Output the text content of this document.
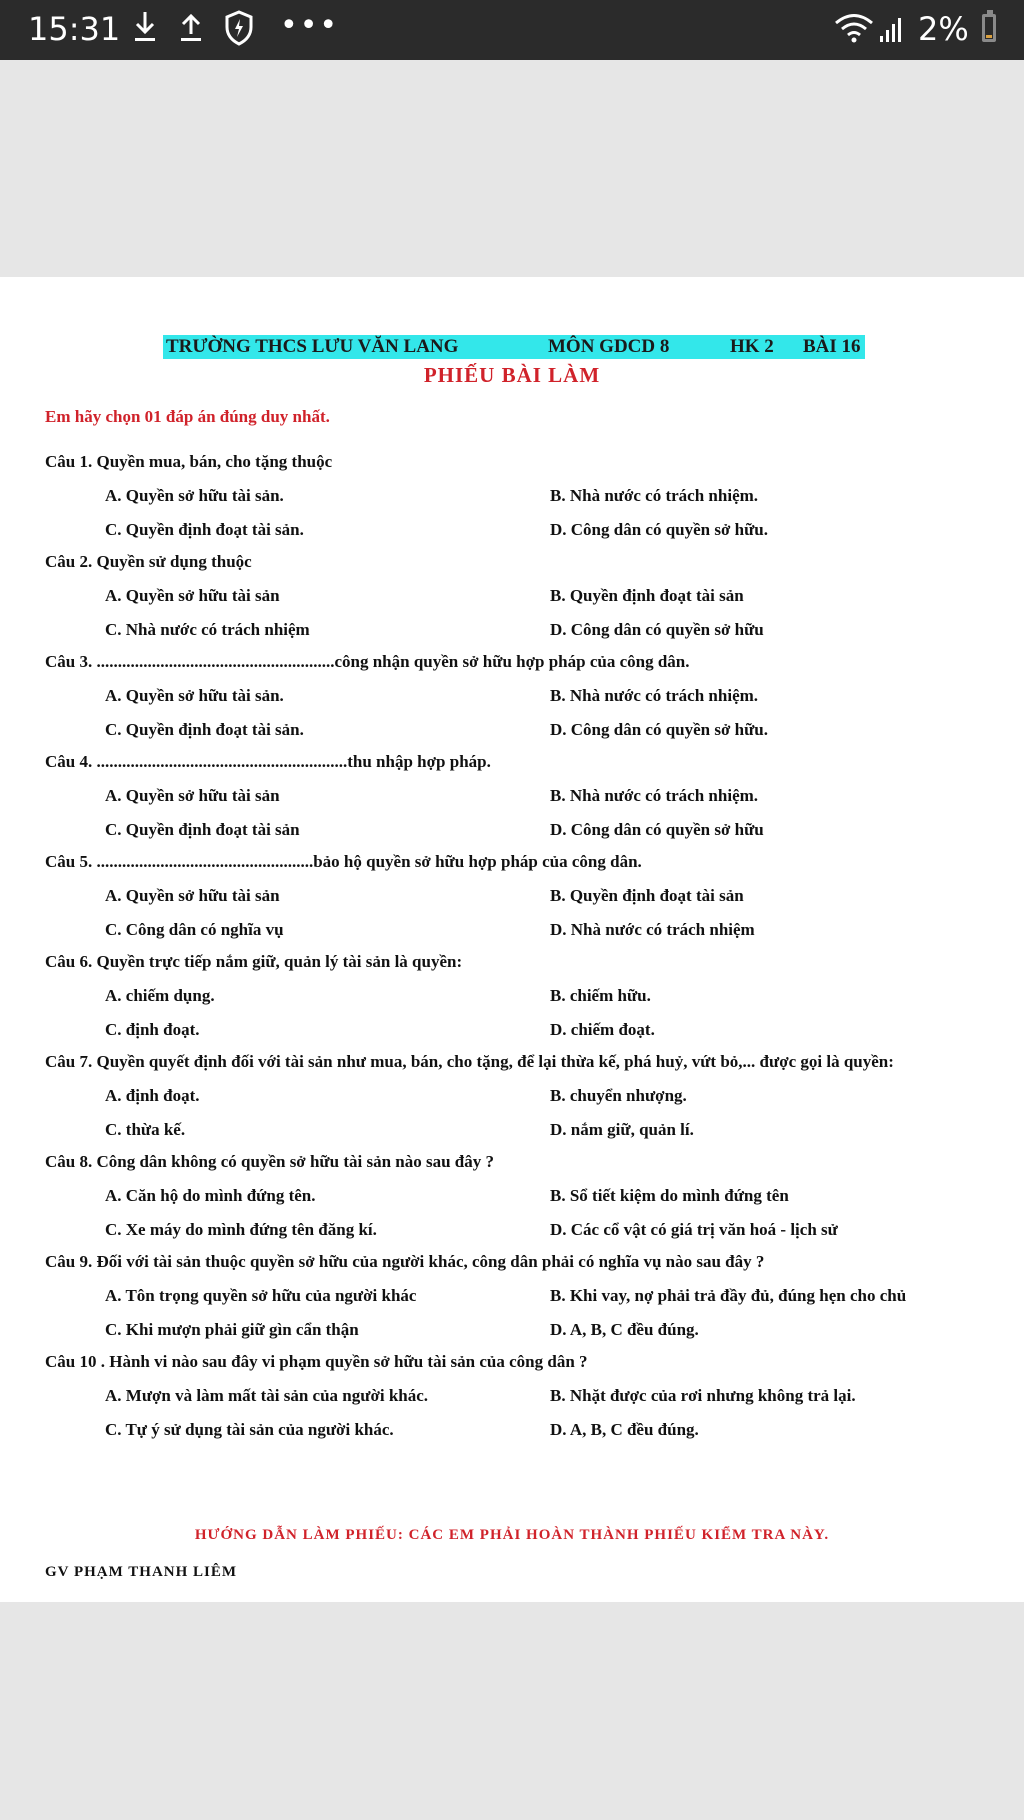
15:31	•••	2%
TRƯỜNG THCS LƯU VĂN LANG	MÔN GDCD 8	HK 2 BÀI 16
PHIẾU BÀI LÀM
Em hãy chọn 01 đáp án đúng duy nhất.
Câu 1. Quyền mua, bán, cho tặng thuộc
A. Quyền sở hữu tài sản.	B. Nhà nước có trách nhiệm.
C. Quyền định đoạt tài sản.	D. Công dân có quyền sở hữu.
Câu 2. Quyền sử dụng thuộc
A. Quyền sở hữu tài sản	B. Quyền định đoạt tài sản
C. Nhà nước có trách nhiệm	D. Công dân có quyền sở hữu
Câu 3. ........................................................công nhận quyền sở hữu hợp pháp của công dân.
A. Quyền sở hữu tài sản.	B. Nhà nước có trách nhiệm.
C. Quyền định đoạt tài sản.	D. Công dân có quyền sở hữu.
Câu 4. ...........................................................thu nhập hợp pháp.
A. Quyền sở hữu tài sản	B. Nhà nước có trách nhiệm.
C. Quyền định đoạt tài sản	D. Công dân có quyền sở hữu
Câu 5. ...................................................bảo hộ quyền sở hữu hợp pháp của công dân.
A. Quyền sở hữu tài sản	B. Quyền định đoạt tài sản
C. Công dân có nghĩa vụ	D. Nhà nước có trách nhiệm
Câu 6. Quyền trực tiếp nắm giữ, quản lý tài sản là quyền:
A. chiếm dụng.	B. chiếm hữu.
C. định đoạt.	D. chiếm đoạt.
Câu 7. Quyền quyết định đối với tài sản như mua, bán, cho tặng, để lại thừa kế, phá huỷ, vứt bỏ,... được gọi là quyền:
A. định đoạt.	B. chuyển nhượng.
C. thừa kế.	D. nắm giữ, quản lí.
Câu 8. Công dân không có quyền sở hữu tài sản nào sau đây ?
A. Căn hộ do mình đứng tên.	B. Sổ tiết kiệm do mình đứng tên
C. Xe máy do mình đứng tên đăng kí.	D. Các cổ vật có giá trị văn hoá - lịch sử
Câu 9. Đối với tài sản thuộc quyền sở hữu của người khác, công dân phải có nghĩa vụ nào sau đây ?
A. Tôn trọng quyền sở hữu của người khác	B. Khi vay, nợ phải trả đầy đủ, đúng hẹn cho chủ
C. Khi mượn phải giữ gìn cẩn thận	D. A, B, C đều đúng.
Câu 10 . Hành vi nào sau đây vi phạm quyền sở hữu tài sản của công dân ?
A. Mượn và làm mất tài sản của người khác.	B. Nhặt được của rơi nhưng không trả lại.
C. Tự ý sử dụng tài sản của người khác.	D. A, B, C đều đúng.
HƯỚNG DẪN LÀM PHIẾU: CÁC EM PHẢI HOÀN THÀNH PHIẾU KIỂM TRA NÀY.
GV PHẠM THANH LIÊM
